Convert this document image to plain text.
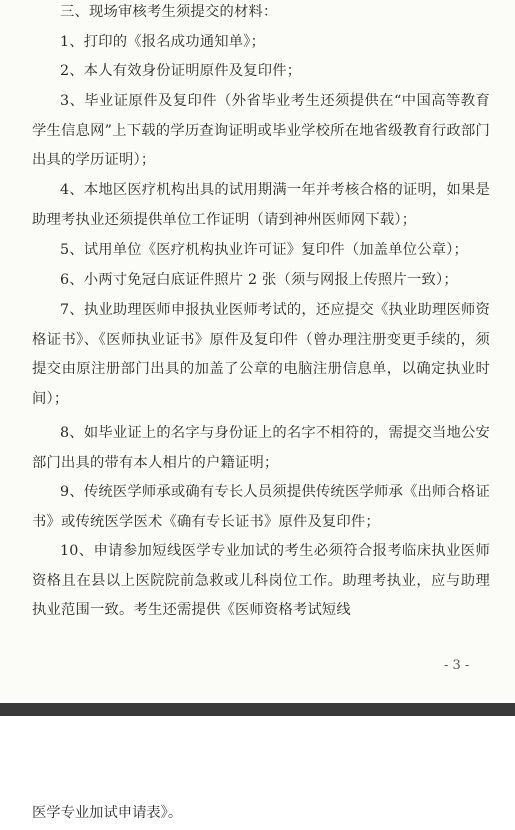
三、现场审核考生须提交的材料：

1、打印的《报名成功通知单》；

2、本人有效身份证明原件及复印件；

3、毕业证原件及复印件（外省毕业考生还须提供在“中国高等教育学生信息网”上下载的学历查询证明或毕业学校所在地省级教育行政部门出具的学历证明）；

4、本地区医疗机构出具的试用期满一年并考核合格的证明，如果是助理考执业还须提供单位工作证明（请到神州医师网下载）；

5、试用单位《医疗机构执业许可证》复印件（加盖单位公章）；

6、小两寸免冠白底证件照片 2 张（须与网报上传照片一致）；

7、执业助理医师申报执业医师考试的，还应提交《执业助理医师资格证书》、《医师执业证书》原件及复印件（曾办理注册变更手续的，须提交由原注册部门出具的加盖了公章的电脑注册信息单，以确定执业时间）；

8、如毕业证上的名字与身份证上的名字不相符的，需提交当地公安部门出具的带有本人相片的户籍证明；

9、传统医学师承或确有专长人员须提供传统医学师承《出师合格证书》或传统医学医术《确有专长证书》原件及复印件；

10、申请参加短线医学专业加试的考生必须符合报考临床执业医师资格且在县以上医院院前急救或儿科岗位工作。助理考执业，应与助理执业范围一致。考生还需提供《医师资格考试短线

- 3 -

医学专业加试申请表》。
